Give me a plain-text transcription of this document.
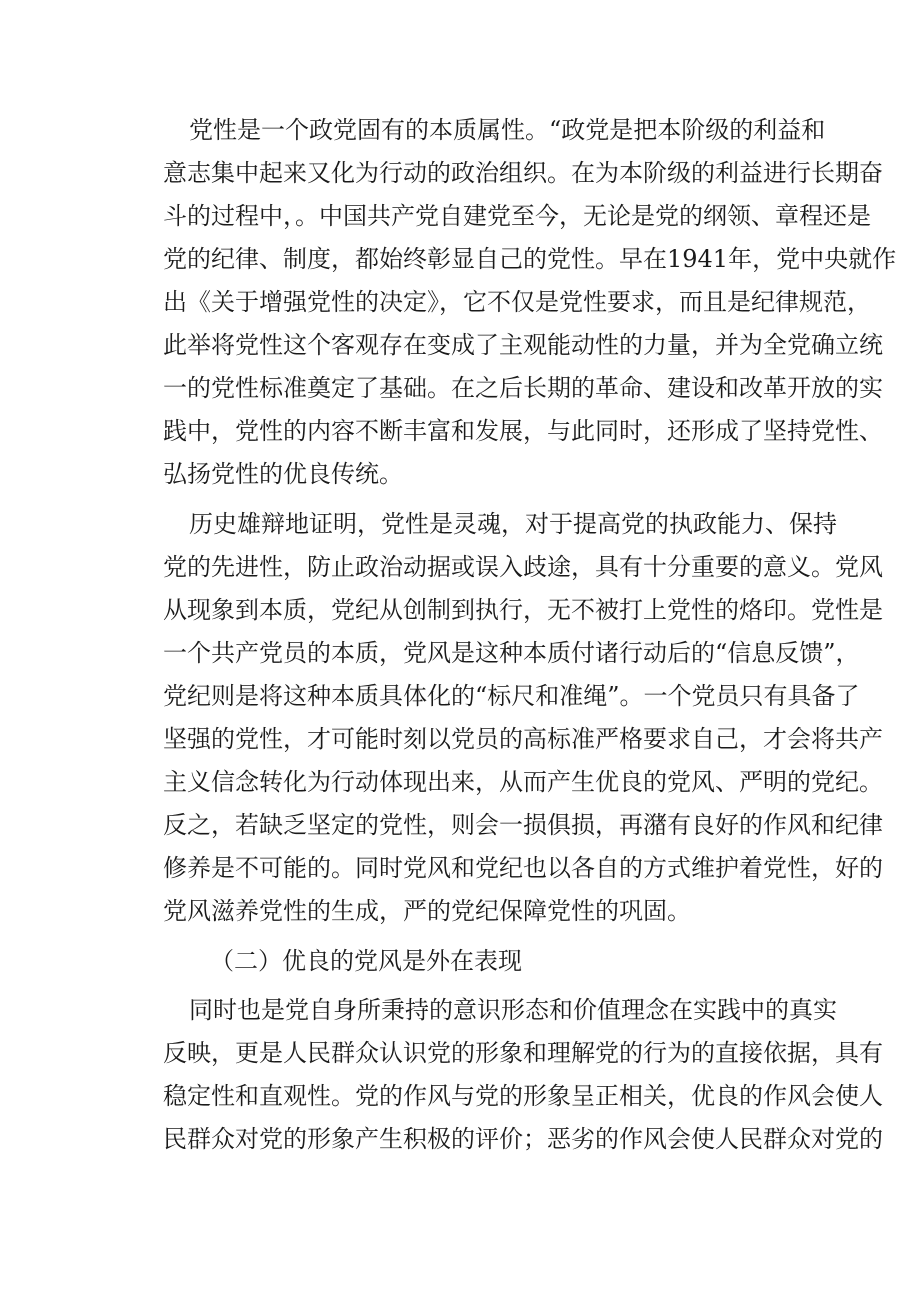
党性是一个政党固有的本质属性。“政党是把本阶级的利益和
意志集中起来又化为行动的政治组织。在为本阶级的利益进行长期奋
斗的过程中，。中国共产党自建党至今，无论是党的纲领、章程还是
党的纪律、制度，都始终彰显自己的党性。早在1941年，党中央就作
出《关于增强党性的决定》，它不仅是党性要求，而且是纪律规范，
此举将党性这个客观存在变成了主观能动性的力量，并为全党确立统
一的党性标准奠定了基础。在之后长期的革命、建设和改革开放的实
践中，党性的内容不断丰富和发展，与此同时，还形成了坚持党性、
弘扬党性的优良传统。
历史雄辩地证明，党性是灵魂，对于提高党的执政能力、保持
党的先进性，防止政治动据或误入歧途，具有十分重要的意义。党风
从现象到本质，党纪从创制到执行，无不被打上党性的烙印。党性是
一个共产党员的本质，党风是这种本质付诸行动后的“信息反馈”，
党纪则是将这种本质具体化的“标尺和准绳”。一个党员只有具备了
坚强的党性，才可能时刻以党员的高标准严格要求自己，才会将共产
主义信念转化为行动体现出来，从而产生优良的党风、严明的党纪。
反之，若缺乏坚定的党性，则会一损俱损，再潴有良好的作风和纪律
修养是不可能的。同时党风和党纪也以各自的方式维护着党性，好的
党风滋养党性的生成，严的党纪保障党性的巩固。
（二）优良的党风是外在表现
同时也是党自身所秉持的意识形态和价值理念在实践中的真实
反映，更是人民群众认识党的形象和理解党的行为的直接依据，具有
稳定性和直观性。党的作风与党的形象呈正相关，优良的作风会使人
民群众对党的形象产生积极的评价；恶劣的作风会使人民群众对党的
